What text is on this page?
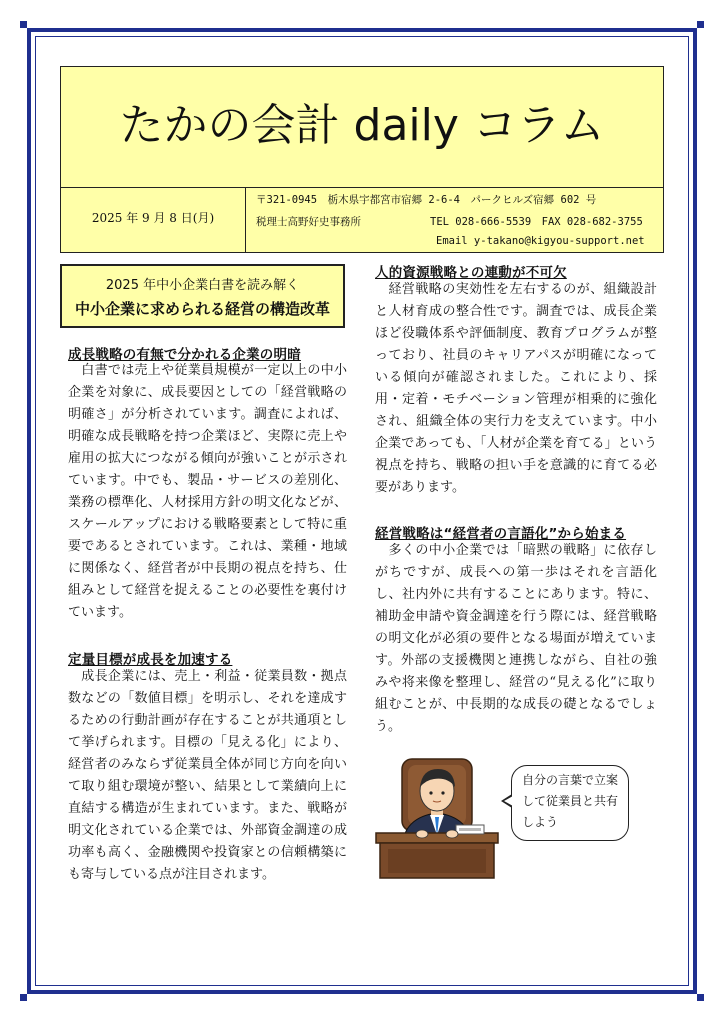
たかの会計 daily コラム
2025 年 9 月 8 日(月)
〒321-0945　栃木県宇都宮市宿郷 2-6-4　パークヒルズ宿郷 602 号
税理士高野好史事務所	TEL 028-666-5539　FAX 028-682-3755
Email y-takano@kigyou-support.net
2025 年中小企業白書を読み解く
中小企業に求められる経営の構造改革
成長戦略の有無で分かれる企業の明暗

　白書では売上や従業員規模が一定以上の中小企業を対象に、成長要因としての「経営戦略の明確さ」が分析されています。調査によれば、明確な成長戦略を持つ企業ほど、実際に売上や雇用の拡大につながる傾向が強いことが示されています。中でも、製品・サービスの差別化、業務の標準化、人材採用方針の明文化などが、スケールアップにおける戦略要素として特に重要であるとされています。これは、業種・地域に関係なく、経営者が中長期の視点を持ち、仕組みとして経営を捉えることの必要性を裏付けています。

定量目標が成長を加速する

　成長企業には、売上・利益・従業員数・拠点数などの「数値目標」を明示し、それを達成するための行動計画が存在することが共通項として挙げられます。目標の「見える化」により、経営者のみならず従業員全体が同じ方向を向いて取り組む環境が整い、結果として業績向上に直結する構造が生まれています。また、戦略が明文化されている企業では、外部資金調達の成功率も高く、金融機関や投資家との信頼構築にも寄与している点が注目されます。

人的資源戦略との連動が不可欠

　経営戦略の実効性を左右するのが、組織設計と人材育成の整合性です。調査では、成長企業ほど役職体系や評価制度、教育プログラムが整っており、社員のキャリアパスが明確になっている傾向が確認されました。これにより、採用・定着・モチベーション管理が相乗的に強化され、組織全体の実行力を支えています。中小企業であっても、「人材が企業を育てる」という視点を持ち、戦略の担い手を意識的に育てる必要があります。

経営戦略は“経営者の言語化”から始まる

　多くの中小企業では「暗黙の戦略」に依存しがちですが、成長への第一歩はそれを言語化し、社内外に共有することにあります。特に、補助金申請や資金調達を行う際には、経営戦略の明文化が必須の要件となる場面が増えています。外部の支援機関と連携しながら、自社の強みや将来像を整理し、経営の“見える化”に取り組むことが、中長期的な成長の礎となるでしょう。

自分の言葉で立案して従業員と共有しよう
